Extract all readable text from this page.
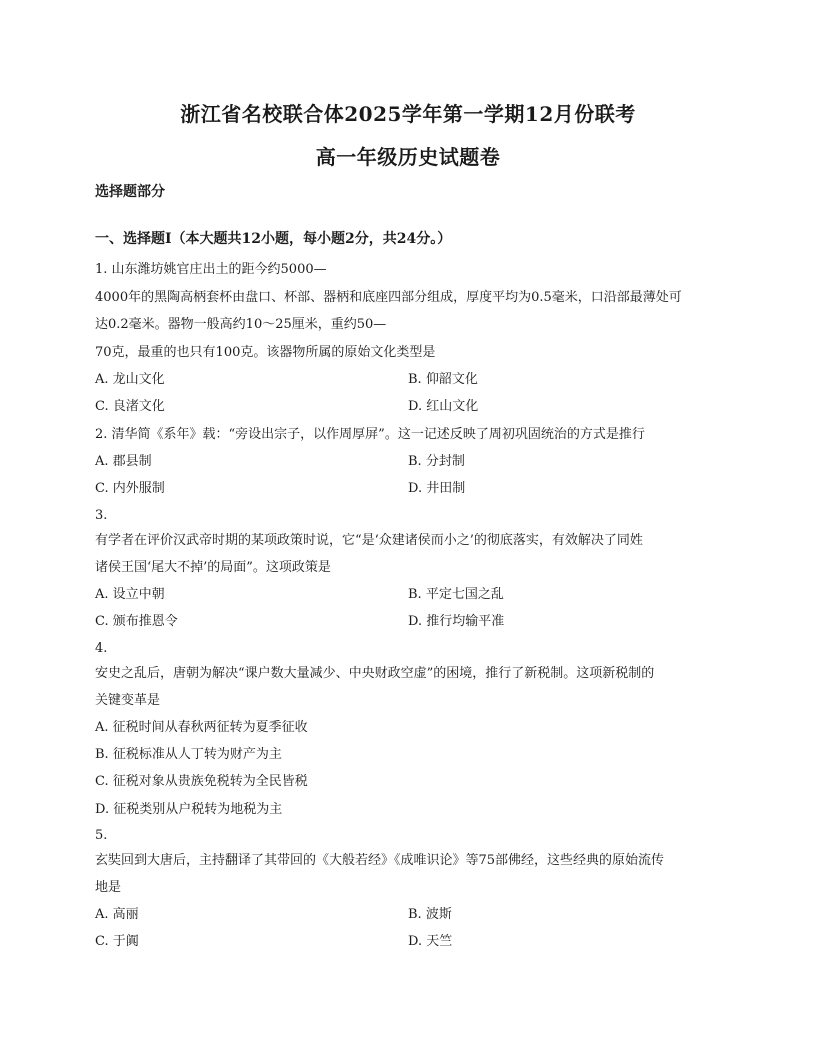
浙江省名校联合体2025学年第一学期12月份联考
高一年级历史试题卷
选择题部分
一、选择题Ⅰ（本大题共12小题，每小题2分，共24分。）
1. 山东潍坊姚官庄出土的距今约5000—
4000年的黑陶高柄套杯由盘口、杯部、器柄和底座四部分组成，厚度平均为0.5毫米，口沿部最薄处可
达0.2毫米。器物一般高约10～25厘米，重约50—
70克，最重的也只有100克。该器物所属的原始文化类型是
A. 龙山文化	B. 仰韶文化
C. 良渚文化	D. 红山文化
2. 清华简《系年》载：“旁设出宗子，以作周厚屏”。这一记述反映了周初巩固统治的方式是推行
A. 郡县制	B. 分封制
C. 内外服制	D. 井田制
3.
有学者在评价汉武帝时期的某项政策时说，它“是‘众建诸侯而小之’的彻底落实，有效解决了同姓
诸侯王国‘尾大不掉’的局面”。这项政策是
A. 设立中朝	B. 平定七国之乱
C. 颁布推恩令	D. 推行均输平准
4.
安史之乱后，唐朝为解决“课户数大量减少、中央财政空虚”的困境，推行了新税制。这项新税制的
关键变革是
A. 征税时间从春秋两征转为夏季征收
B. 征税标准从人丁转为财产为主
C. 征税对象从贵族免税转为全民皆税
D. 征税类别从户税转为地税为主
5.
玄奘回到大唐后，主持翻译了其带回的《大般若经》《成唯识论》等75部佛经，这些经典的原始流传
地是
A. 高丽	B. 波斯
C. 于阗	D. 天竺
